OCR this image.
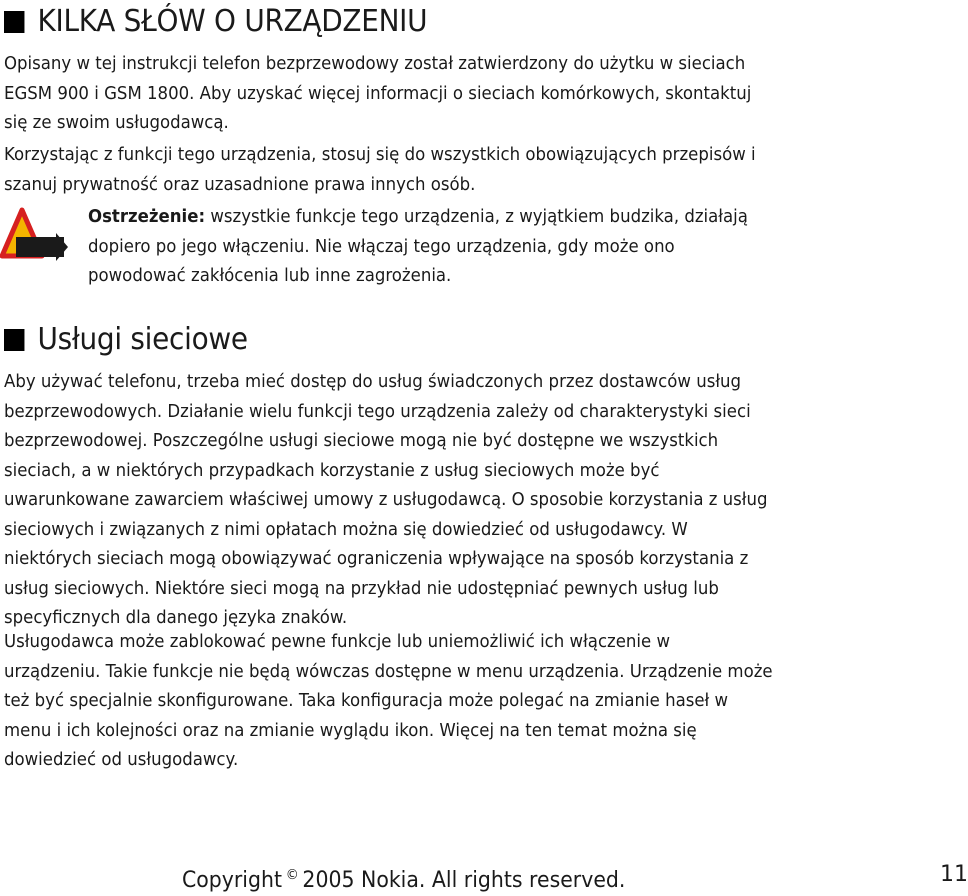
KILKA SŁÓW O URZĄDZENIU
Opisany w tej instrukcji telefon bezprzewodowy został zatwierdzony do użytku w sieciach
EGSM 900 i GSM 1800. Aby uzyskać więcej informacji o sieciach komórkowych, skontaktuj
się ze swoim usługodawcą.
Korzystając z funkcji tego urządzenia, stosuj się do wszystkich obowiązujących przepisów i
szanuj prywatność oraz uzasadnione prawa innych osób.
Ostrzeżenie: wszystkie funkcje tego urządzenia, z wyjątkiem budzika, działają
dopiero po jego włączeniu. Nie włączaj tego urządzenia, gdy może ono
powodować zakłócenia lub inne zagrożenia.
Usługi sieciowe
Aby używać telefonu, trzeba mieć dostęp do usług świadczonych przez dostawców usług
bezprzewodowych. Działanie wielu funkcji tego urządzenia zależy od charakterystyki sieci
bezprzewodowej. Poszczególne usługi sieciowe mogą nie być dostępne we wszystkich
sieciach, a w niektórych przypadkach korzystanie z usług sieciowych może być
uwarunkowane zawarciem właściwej umowy z usługodawcą. O sposobie korzystania z usług
sieciowych i związanych z nimi opłatach można się dowiedzieć od usługodawcy. W
niektórych sieciach mogą obowiązywać ograniczenia wpływające na sposób korzystania z
usług sieciowych. Niektóre sieci mogą na przykład nie udostępniać pewnych usług lub
specyficznych dla danego języka znaków.
Usługodawca może zablokować pewne funkcje lub uniemożliwić ich włączenie w
urządzeniu. Takie funkcje nie będą wówczas dostępne w menu urządzenia. Urządzenie może
też być specjalnie skonfigurowane. Taka konfiguracja może polegać na zmianie haseł w
menu i ich kolejności oraz na zmianie wyglądu ikon. Więcej na ten temat można się
dowiedzieć od usługodawcy.
Copyright © 2005 Nokia. All rights reserved.	11
